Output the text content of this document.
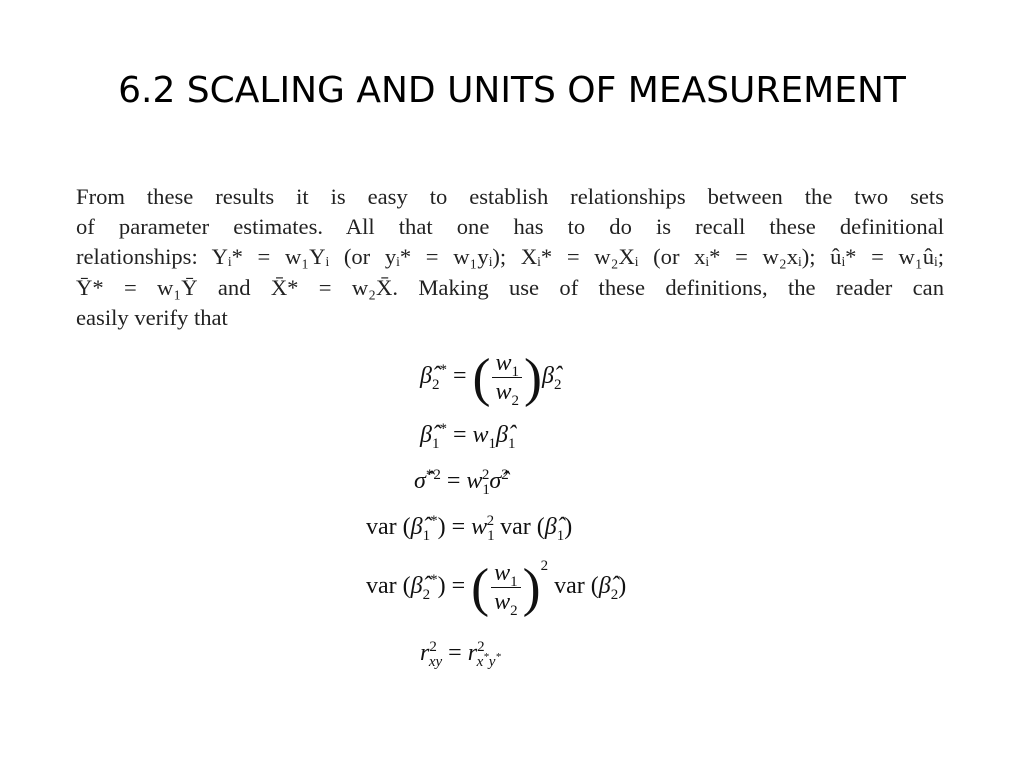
6.2 SCALING AND UNITS OF MEASUREMENT
From these results it is easy to establish relationships between the two sets
of parameter estimates. All that one has to do is recall these definitional
relationships: Yᵢ* = w₁Yᵢ (or yᵢ* = w₁yᵢ); Xᵢ* = w₂Xᵢ (or xᵢ* = w₂xᵢ); ûᵢ* = w₁ûᵢ;
Ȳ* = w₁Ȳ and X̄* = w₂X̄. Making use of these definitions, the reader can
easily verify that
$\betâ_2^*$ = ( $\frac{w_1}{w_2}$ )$\betâ_2$
$\betâ_1^*$ = $w_1\betâ_1$
σ̂$^{*2}$ = $w_1^2\sigmâ^2$
var $(\betâ_1^*) = w_1^2$ var $(\betâ_1)$
var $(\betâ_2^*)$ = ( $\frac{w_1}{w_2} )^2$ var $(\betâ_2)$
$r^2_{xy} = r^2_{x^*y^*}$
